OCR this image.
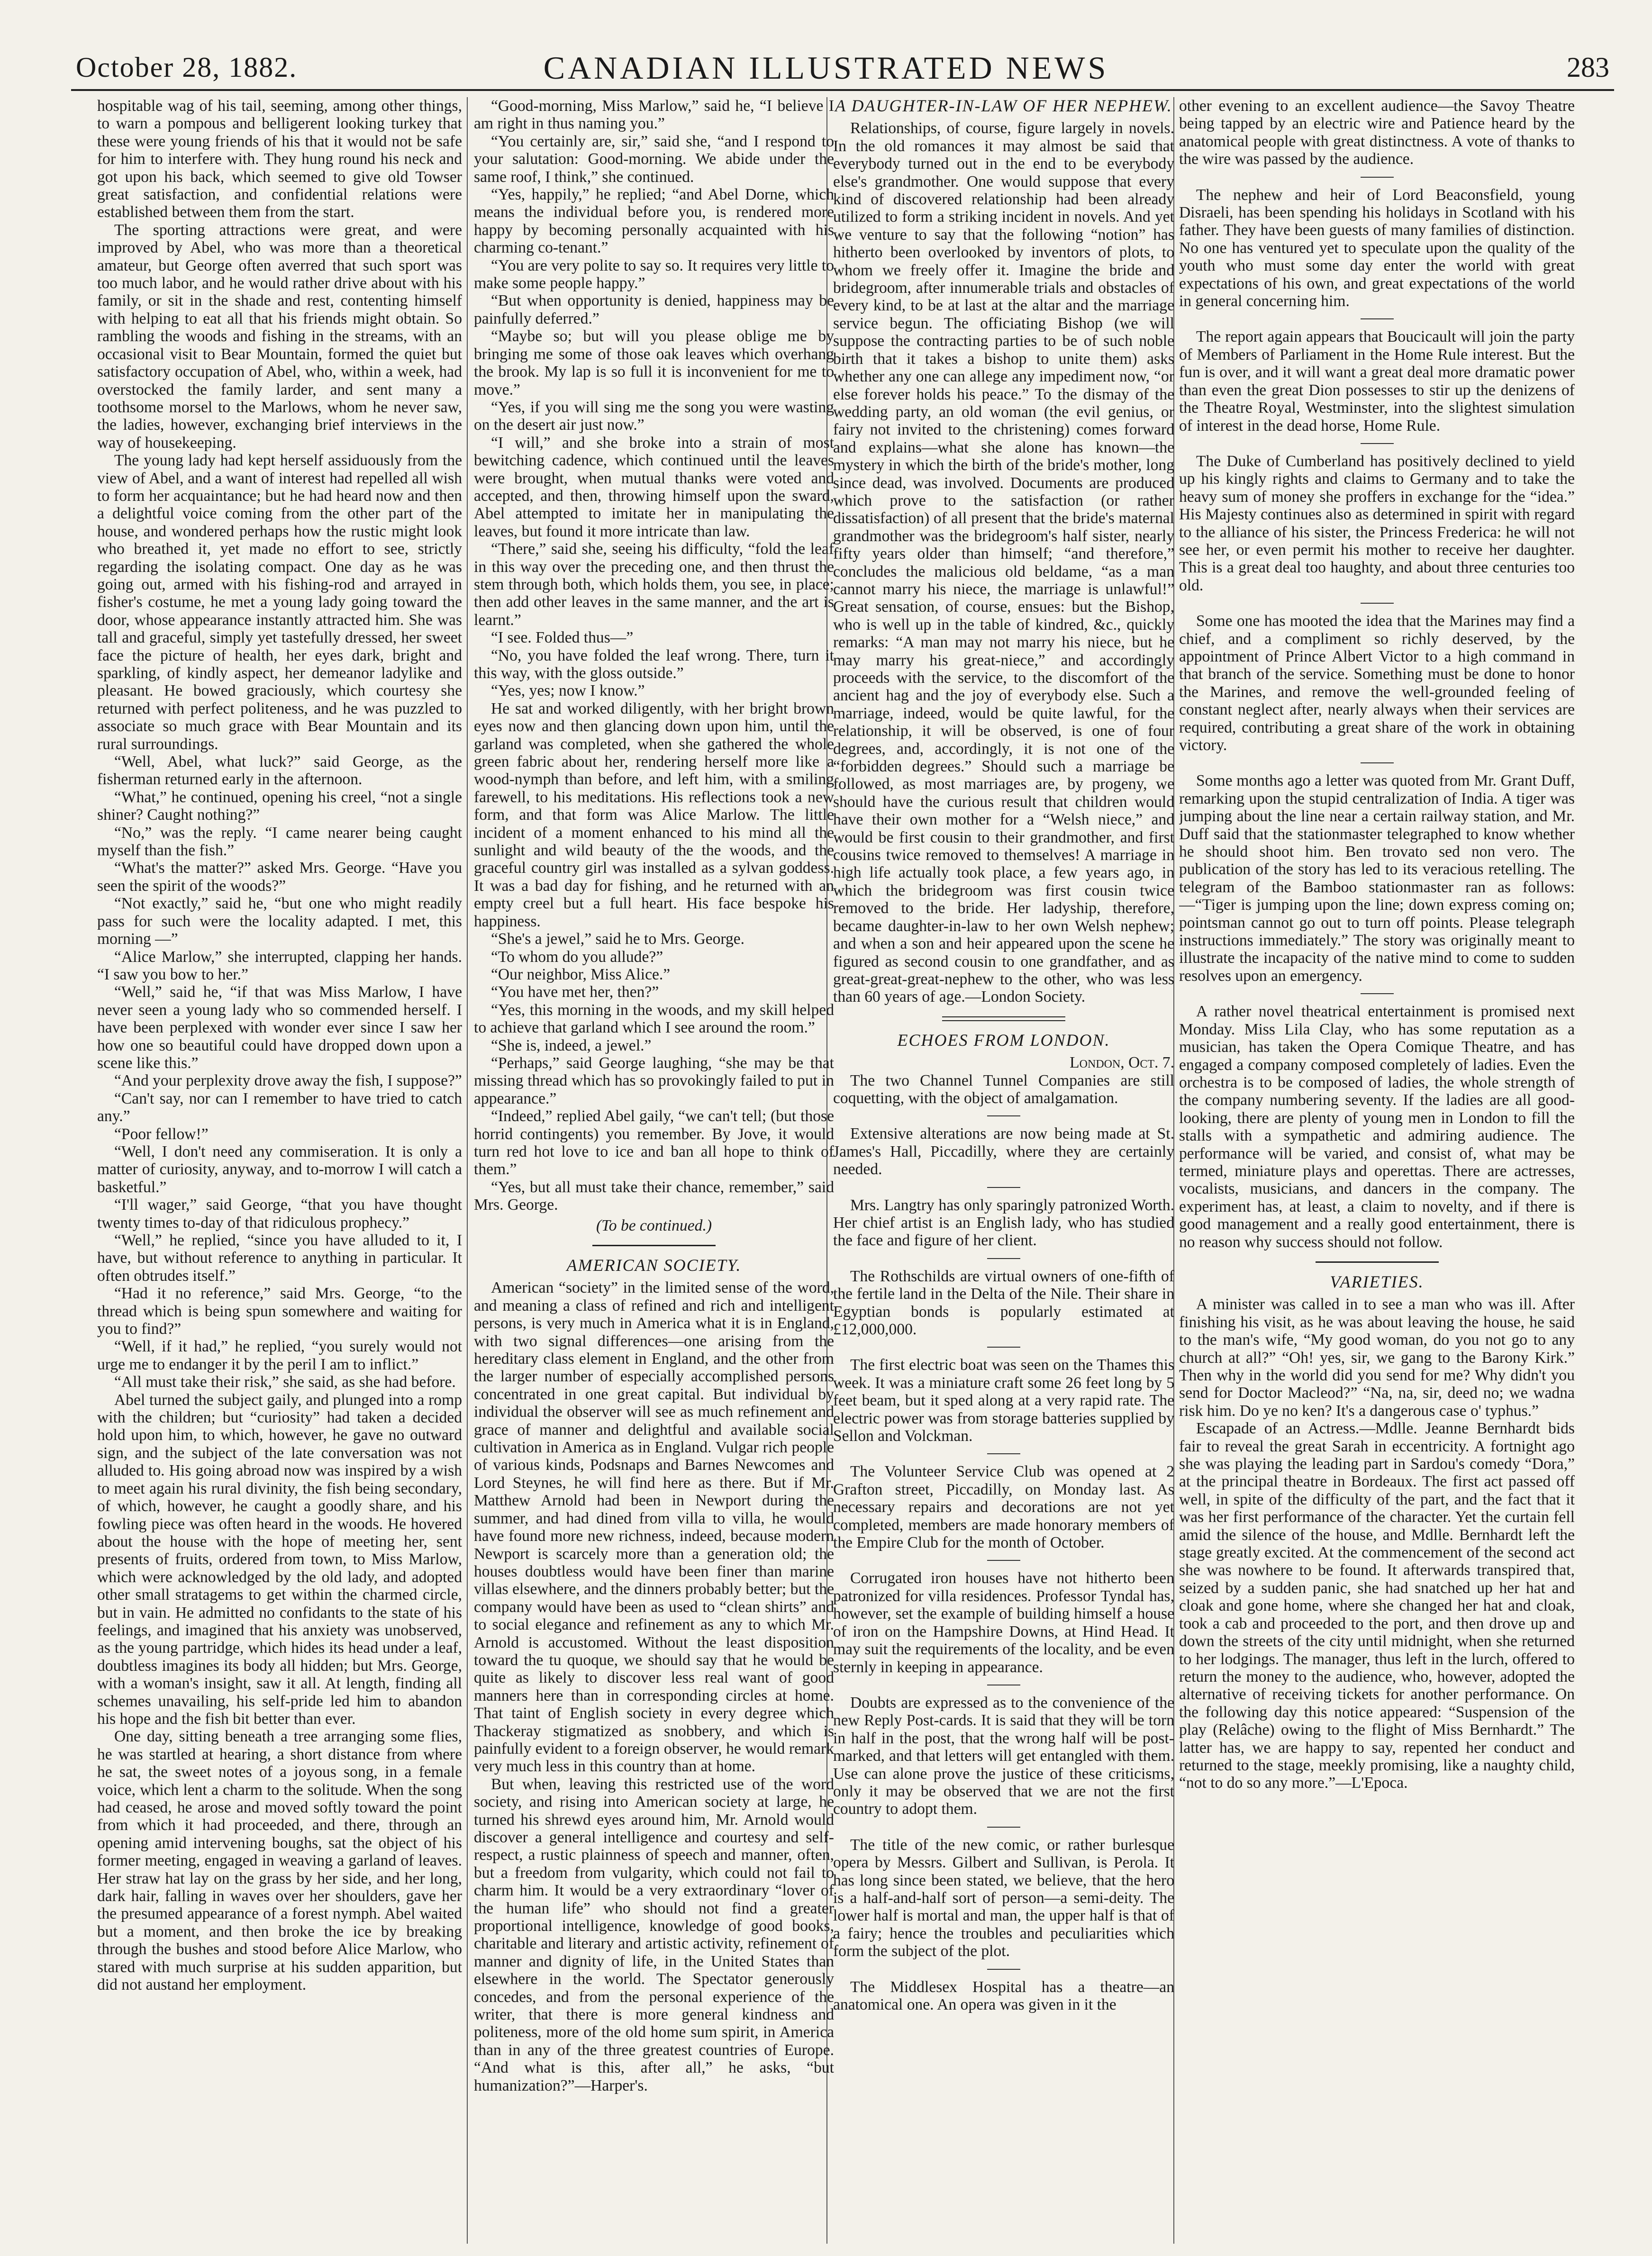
October 28, 1882.	CANADIAN ILLUSTRATED NEWS	283

hospitable wag of his tail, seeming, among other things, to warn a pompous and belligerent looking turkey that these were young friends of his that it would not be safe for him to interfere with. They hung round his neck and got upon his back, which seemed to give old Towser great satisfaction, and confidential relations were established between them from the start.

The sporting attractions were great, and were improved by Abel, who was more than a theoretical amateur, but George often averred that such sport was too much labor, and he would rather drive about with his family, or sit in the shade and rest, contenting himself with helping to eat all that his friends might obtain. So rambling the woods and fishing in the streams, with an occasional visit to Bear Mountain, formed the quiet but satisfactory occupation of Abel, who, within a week, had overstocked the family larder, and sent many a toothsome morsel to the Marlows, whom he never saw, the ladies, however, exchanging brief interviews in the way of housekeeping.

The young lady had kept herself assiduously from the view of Abel, and a want of interest had repelled all wish to form her acquaintance; but he had heard now and then a delightful voice coming from the other part of the house, and wondered perhaps how the rustic might look who breathed it, yet made no effort to see, strictly regarding the isolating compact. One day as he was going out, armed with his fishing-rod and arrayed in fisher's costume, he met a young lady going toward the door, whose appearance instantly attracted him. She was tall and graceful, simply yet tastefully dressed, her sweet face the picture of health, her eyes dark, bright and sparkling, of kindly aspect, her demeanor ladylike and pleasant. He bowed graciously, which courtesy she returned with perfect politeness, and he was puzzled to associate so much grace with Bear Mountain and its rural surroundings.

“Well, Abel, what luck?” said George, as the fisherman returned early in the afternoon.

“What,” he continued, opening his creel, “not a single shiner? Caught nothing?”

“No,” was the reply. “I came nearer being caught myself than the fish.”

“What's the matter?” asked Mrs. George. “Have you seen the spirit of the woods?”

“Not exactly,” said he, “but one who might readily pass for such were the locality adapted. I met, this morning —”

“Alice Marlow,” she interrupted, clapping her hands. “I saw you bow to her.”

“Well,” said he, “if that was Miss Marlow, I have never seen a young lady who so commended herself. I have been perplexed with wonder ever since I saw her how one so beautiful could have dropped down upon a scene like this.”

“And your perplexity drove away the fish, I suppose?”

“Can't say, nor can I remember to have tried to catch any.”

“Poor fellow!”

“Well, I don't need any commiseration. It is only a matter of curiosity, anyway, and to-morrow I will catch a basketful.”

“I'll wager,” said George, “that you have thought twenty times to-day of that ridiculous prophecy.”

“Well,” he replied, “since you have alluded to it, I have, but without reference to anything in particular. It often obtrudes itself.”

“Had it no reference,” said Mrs. George, “to the thread which is being spun somewhere and waiting for you to find?”

“Well, if it had,” he replied, “you surely would not urge me to endanger it by the peril I am to inflict.”

“All must take their risk,” she said, as she had before.

Abel turned the subject gaily, and plunged into a romp with the children; but “curiosity” had taken a decided hold upon him, to which, however, he gave no outward sign, and the subject of the late conversation was not alluded to. His going abroad now was inspired by a wish to meet again his rural divinity, the fish being secondary, of which, however, he caught a goodly share, and his fowling piece was often heard in the woods. He hovered about the house with the hope of meeting her, sent presents of fruits, ordered from town, to Miss Marlow, which were acknowledged by the old lady, and adopted other small stratagems to get within the charmed circle, but in vain. He admitted no confidants to the state of his feelings, and imagined that his anxiety was unobserved, as the young partridge, which hides its head under a leaf, doubtless imagines its body all hidden; but Mrs. George, with a woman's insight, saw it all. At length, finding all schemes unavailing, his self-pride led him to abandon his hope and the fish bit better than ever.

One day, sitting beneath a tree arranging some flies, he was startled at hearing, a short distance from where he sat, the sweet notes of a joyous song, in a female voice, which lent a charm to the solitude. When the song had ceased, he arose and moved softly toward the point from which it had proceeded, and there, through an opening amid intervening boughs, sat the object of his former meeting, engaged in weaving a garland of leaves. Her straw hat lay on the grass by her side, and her long, dark hair, falling in waves over her shoulders, gave her the presumed appearance of a forest nymph. Abel waited but a moment, and then broke the ice by breaking through the bushes and stood before Alice Marlow, who stared with much surprise at his sudden apparition, but did not austand her employment.

“Good-morning, Miss Marlow,” said he, “I believe I am right in thus naming you.”

“You certainly are, sir,” said she, “and I respond to your salutation: Good-morning. We abide under the same roof, I think,” she continued.

“Yes, happily,” he replied; “and Abel Dorne, which means the individual before you, is rendered more happy by becoming personally acquainted with his charming co-tenant.”

“You are very polite to say so. It requires very little to make some people happy.”

“But when opportunity is denied, happiness may be painfully deferred.”

“Maybe so; but will you please oblige me by bringing me some of those oak leaves which overhang the brook. My lap is so full it is inconvenient for me to move.”

“Yes, if you will sing me the song you were wasting on the desert air just now.”

“I will,” and she broke into a strain of most bewitching cadence, which continued until the leaves were brought, when mutual thanks were voted and accepted, and then, throwing himself upon the sward, Abel attempted to imitate her in manipulating the leaves, but found it more intricate than law.

“There,” said she, seeing his difficulty, “fold the leaf in this way over the preceding one, and then thrust the stem through both, which holds them, you see, in place; then add other leaves in the same manner, and the art is learnt.”

“I see. Folded thus—”

“No, you have folded the leaf wrong. There, turn it this way, with the gloss outside.”

“Yes, yes; now I know.”

He sat and worked diligently, with her bright brown eyes now and then glancing down upon him, until the garland was completed, when she gathered the whole green fabric about her, rendering herself more like a wood-nymph than before, and left him, with a smiling farewell, to his meditations. His reflections took a new form, and that form was Alice Marlow. The little incident of a moment enhanced to his mind all the sunlight and wild beauty of the the woods, and the graceful country girl was installed as a sylvan goddess. It was a bad day for fishing, and he returned with an empty creel but a full heart. His face bespoke his happiness.

“She's a jewel,” said he to Mrs. George.

“To whom do you allude?”

“Our neighbor, Miss Alice.”

“You have met her, then?”

“Yes, this morning in the woods, and my skill helped to achieve that garland which I see around the room.”

“She is, indeed, a jewel.”

“Perhaps,” said George laughing, “she may be that missing thread which has so provokingly failed to put in appearance.”

“Indeed,” replied Abel gaily, “we can't tell; (but those horrid contingents) you remember. By Jove, it would turn red hot love to ice and ban all hope to think of them.”

“Yes, but all must take their chance, remember,” said Mrs. George.

(To be continued.)
AMERICAN SOCIETY.

American “society” in the limited sense of the word, and meaning a class of refined and rich and intelligent persons, is very much in America what it is in England, with two signal differences—one arising from the hereditary class element in England, and the other from the larger number of especially accomplished persons concentrated in one great capital. But individual by individual the observer will see as much refinement and grace of manner and delightful and available social cultivation in America as in England. Vulgar rich people of various kinds, Podsnaps and Barnes Newcomes and Lord Steynes, he will find here as there. But if Mr. Matthew Arnold had been in Newport during the summer, and had dined from villa to villa, he would have found more new richness, indeed, because modern Newport is scarcely more than a generation old; the houses doubtless would have been finer than marine villas elsewhere, and the dinners probably better; but the company would have been as used to “clean shirts” and to social elegance and refinement as any to which Mr. Arnold is accustomed. Without the least disposition toward the tu quoque, we should say that he would be quite as likely to discover less real want of good manners here than in corresponding circles at home. That taint of English society in every degree which Thackeray stigmatized as snobbery, and which is painfully evident to a foreign observer, he would remark very much less in this country than at home.

But when, leaving this restricted use of the word society, and rising into American society at large, he turned his shrewd eyes around him, Mr. Arnold would discover a general intelligence and courtesy and self-respect, a rustic plainness of speech and manner, often, but a freedom from vulgarity, which could not fail to charm him. It would be a very extraordinary “lover of the human life” who should not find a greater proportional intelligence, knowledge of good books, charitable and literary and artistic activity, refinement of manner and dignity of life, in the United States than elsewhere in the world. The Spectator generously concedes, and from the personal experience of the writer, that there is more general kindness and politeness, more of the old home sum spirit, in America than in any of the three greatest countries of Europe. “And what is this, after all,” he asks, “but humanization?”—Harper's.

A DAUGHTER-IN-LAW OF HER NEPHEW.

Relationships, of course, figure largely in novels. In the old romances it may almost be said that everybody turned out in the end to be everybody else's grandmother. One would suppose that every kind of discovered relationship had been already utilized to form a striking incident in novels. And yet we venture to say that the following “notion” has hitherto been overlooked by inventors of plots, to whom we freely offer it. Imagine the bride and bridegroom, after innumerable trials and obstacles of every kind, to be at last at the altar and the marriage service begun. The officiating Bishop (we will suppose the contracting parties to be of such noble birth that it takes a bishop to unite them) asks whether any one can allege any impediment now, “or else forever holds his peace.” To the dismay of the wedding party, an old woman (the evil genius, or fairy not invited to the christening) comes forward and explains—what she alone has known—the mystery in which the birth of the bride's mother, long since dead, was involved. Documents are produced which prove to the satisfaction (or rather dissatisfaction) of all present that the bride's maternal grandmother was the bridegroom's half sister, nearly fifty years older than himself; “and therefore,” concludes the malicious old beldame, “as a man cannot marry his niece, the marriage is unlawful!” Great sensation, of course, ensues: but the Bishop, who is well up in the table of kindred, &c., quickly remarks: “A man may not marry his niece, but he may marry his great-niece,” and accordingly proceeds with the service, to the discomfort of the ancient hag and the joy of everybody else. Such a marriage, indeed, would be quite lawful, for the relationship, it will be observed, is one of four degrees, and, accordingly, it is not one of the “forbidden degrees.” Should such a marriage be followed, as most marriages are, by progeny, we should have the curious result that children would have their own mother for a “Welsh niece,” and would be first cousin to their grandmother, and first cousins twice removed to themselves! A marriage in high life actually took place, a few years ago, in which the bridegroom was first cousin twice removed to the bride. Her ladyship, therefore, became daughter-in-law to her own Welsh nephew; and when a son and heir appeared upon the scene he figured as second cousin to one grandfather, and as great-great-great-nephew to the other, who was less than 60 years of age.—London Society.

ECHOES FROM LONDON.

London, Oct. 7.

The two Channel Tunnel Companies are still coquetting, with the object of amalgamation.

Extensive alterations are now being made at St. James's Hall, Piccadilly, where they are certainly needed.

Mrs. Langtry has only sparingly patronized Worth. Her chief artist is an English lady, who has studied the face and figure of her client.

The Rothschilds are virtual owners of one-fifth of the fertile land in the Delta of the Nile. Their share in Egyptian bonds is popularly estimated at £12,000,000.

The first electric boat was seen on the Thames this week. It was a miniature craft some 26 feet long by 5 feet beam, but it sped along at a very rapid rate. The electric power was from storage batteries supplied by Sellon and Volckman.

The Volunteer Service Club was opened at 2 Grafton street, Piccadilly, on Monday last. As necessary repairs and decorations are not yet completed, members are made honorary members of the Empire Club for the month of October.

Corrugated iron houses have not hitherto been patronized for villa residences. Professor Tyndal has, however, set the example of building himself a house of iron on the Hampshire Downs, at Hind Head. It may suit the requirements of the locality, and be even sternly in keeping in appearance.

Doubts are expressed as to the convenience of the new Reply Post-cards. It is said that they will be torn in half in the post, that the wrong half will be post-marked, and that letters will get entangled with them. Use can alone prove the justice of these criticisms, only it may be observed that we are not the first country to adopt them.

The title of the new comic, or rather burlesque opera by Messrs. Gilbert and Sullivan, is Perola. It has long since been stated, we believe, that the hero is a half-and-half sort of person—a semi-deity. The lower half is mortal and man, the upper half is that of a fairy; hence the troubles and peculiarities which form the subject of the plot.

The Middlesex Hospital has a theatre—an anatomical one. An opera was given in it the

other evening to an excellent audience—the Savoy Theatre being tapped by an electric wire and Patience heard by the anatomical people with great distinctness. A vote of thanks to the wire was passed by the audience.

The nephew and heir of Lord Beaconsfield, young Disraeli, has been spending his holidays in Scotland with his father. They have been guests of many families of distinction. No one has ventured yet to speculate upon the quality of the youth who must some day enter the world with great expectations of his own, and great expectations of the world in general concerning him.

The report again appears that Boucicault will join the party of Members of Parliament in the Home Rule interest. But the fun is over, and it will want a great deal more dramatic power than even the great Dion possesses to stir up the denizens of the Theatre Royal, Westminster, into the slightest simulation of interest in the dead horse, Home Rule.

The Duke of Cumberland has positively declined to yield up his kingly rights and claims to Germany and to take the heavy sum of money she proffers in exchange for the “idea.” His Majesty continues also as determined in spirit with regard to the alliance of his sister, the Princess Frederica: he will not see her, or even permit his mother to receive her daughter. This is a great deal too haughty, and about three centuries too old.

Some one has mooted the idea that the Marines may find a chief, and a compliment so richly deserved, by the appointment of Prince Albert Victor to a high command in that branch of the service. Something must be done to honor the Marines, and remove the well-grounded feeling of constant neglect after, nearly always when their services are required, contributing a great share of the work in obtaining victory.

Some months ago a letter was quoted from Mr. Grant Duff, remarking upon the stupid centralization of India. A tiger was jumping about the line near a certain railway station, and Mr. Duff said that the stationmaster telegraphed to know whether he should shoot him. Ben trovato sed non vero. The publication of the story has led to its veracious retelling. The telegram of the Bamboo stationmaster ran as follows:—“Tiger is jumping upon the line; down express coming on; pointsman cannot go out to turn off points. Please telegraph instructions immediately.” The story was originally meant to illustrate the incapacity of the native mind to come to sudden resolves upon an emergency.

A rather novel theatrical entertainment is promised next Monday. Miss Lila Clay, who has some reputation as a musician, has taken the Opera Comique Theatre, and has engaged a company composed completely of ladies. Even the orchestra is to be composed of ladies, the whole strength of the company numbering seventy. If the ladies are all good-looking, there are plenty of young men in London to fill the stalls with a sympathetic and admiring audience. The performance will be varied, and consist of, what may be termed, miniature plays and operettas. There are actresses, vocalists, musicians, and dancers in the company. The experiment has, at least, a claim to novelty, and if there is good management and a really good entertainment, there is no reason why success should not follow.

VARIETIES.

A minister was called in to see a man who was ill. After finishing his visit, as he was about leaving the house, he said to the man's wife, “My good woman, do you not go to any church at all?” “Oh! yes, sir, we gang to the Barony Kirk.” Then why in the world did you send for me? Why didn't you send for Doctor Macleod?” “Na, na, sir, deed no; we wadna risk him. Do ye no ken? It's a dangerous case o' typhus.”

Escapade of an Actress.—Mdlle. Jeanne Bernhardt bids fair to reveal the great Sarah in eccentricity. A fortnight ago she was playing the leading part in Sardou's comedy “Dora,” at the principal theatre in Bordeaux. The first act passed off well, in spite of the difficulty of the part, and the fact that it was her first performance of the character. Yet the curtain fell amid the silence of the house, and Mdlle. Bernhardt left the stage greatly excited. At the commencement of the second act she was nowhere to be found. It afterwards transpired that, seized by a sudden panic, she had snatched up her hat and cloak and gone home, where she changed her hat and cloak, took a cab and proceeded to the port, and then drove up and down the streets of the city until midnight, when she returned to her lodgings. The manager, thus left in the lurch, offered to return the money to the audience, who, however, adopted the alternative of receiving tickets for another performance. On the following day this notice appeared: “Suspension of the play (Relâche) owing to the flight of Miss Bernhardt.” The latter has, we are happy to say, repented her conduct and returned to the stage, meekly promising, like a naughty child, “not to do so any more.”—L'Epoca.
